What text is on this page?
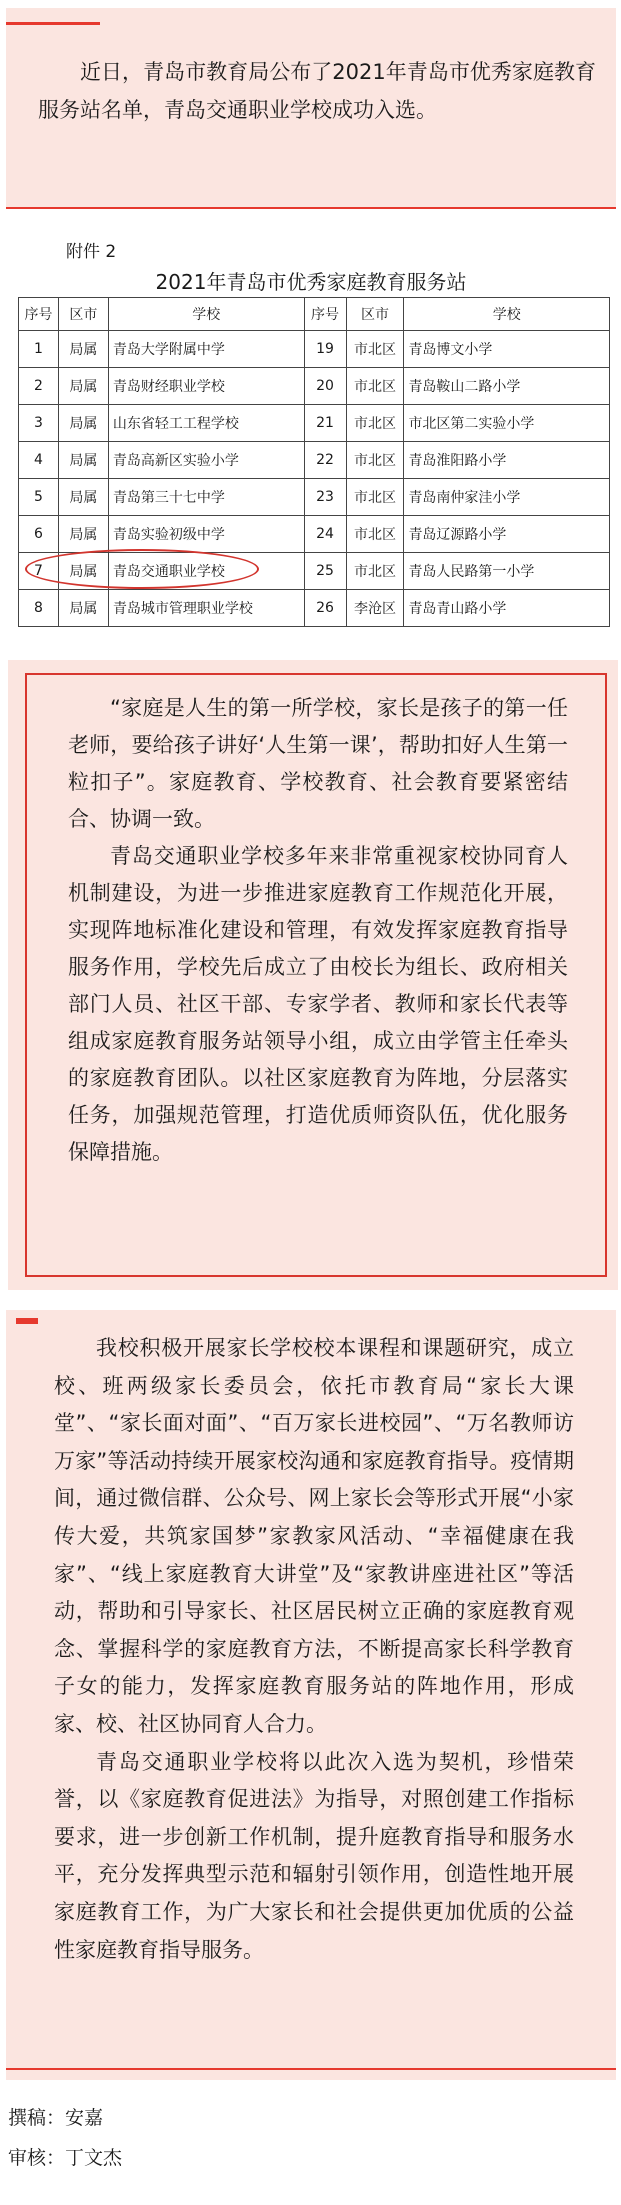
近日，青岛市教育局公布了2021年青岛市优秀家庭教育服务站名单，青岛交通职业学校成功入选。

附件 2
2021年青岛市优秀家庭教育服务站
序号	区市	学校	序号	区市	学校
1	局属	青岛大学附属中学	19	市北区	青岛博文小学
2	局属	青岛财经职业学校	20	市北区	青岛鞍山二路小学
3	局属	山东省轻工工程学校	21	市北区	市北区第二实验小学
4	局属	青岛高新区实验小学	22	市北区	青岛淮阳路小学
5	局属	青岛第三十七中学	23	市北区	青岛南仲家洼小学
6	局属	青岛实验初级中学	24	市北区	青岛辽源路小学
7	局属	青岛交通职业学校	25	市北区	青岛人民路第一小学
8	局属	青岛城市管理职业学校	26	李沧区	青岛青山路小学

“家庭是人生的第一所学校，家长是孩子的第一任老师，要给孩子讲好‘人生第一课’，帮助扣好人生第一粒扣子”。家庭教育、学校教育、社会教育要紧密结合、协调一致。

青岛交通职业学校多年来非常重视家校协同育人机制建设，为进一步推进家庭教育工作规范化开展，实现阵地标准化建设和管理，有效发挥家庭教育指导服务作用，学校先后成立了由校长为组长、政府相关部门人员、社区干部、专家学者、教师和家长代表等组成家庭教育服务站领导小组，成立由学管主任牵头的家庭教育团队。以社区家庭教育为阵地，分层落实任务，加强规范管理，打造优质师资队伍，优化服务保障措施。

我校积极开展家长学校校本课程和课题研究，成立校、班两级家长委员会，依托市教育局“家长大课堂”、“家长面对面”、“百万家长进校园”、“万名教师访万家”等活动持续开展家校沟通和家庭教育指导。疫情期间，通过微信群、公众号、网上家长会等形式开展“小家传大爱，共筑家国梦”家教家风活动、“幸福健康在我家”、“线上家庭教育大讲堂”及“家教讲座进社区”等活动，帮助和引导家长、社区居民树立正确的家庭教育观念、掌握科学的家庭教育方法，不断提高家长科学教育子女的能力，发挥家庭教育服务站的阵地作用，形成家、校、社区协同育人合力。

青岛交通职业学校将以此次入选为契机，珍惜荣誉，以《家庭教育促进法》为指导，对照创建工作指标要求，进一步创新工作机制，提升庭教育指导和服务水平，充分发挥典型示范和辐射引领作用，创造性地开展家庭教育工作，为广大家长和社会提供更加优质的公益性家庭教育指导服务。

撰稿：安嘉
审核：丁文杰
